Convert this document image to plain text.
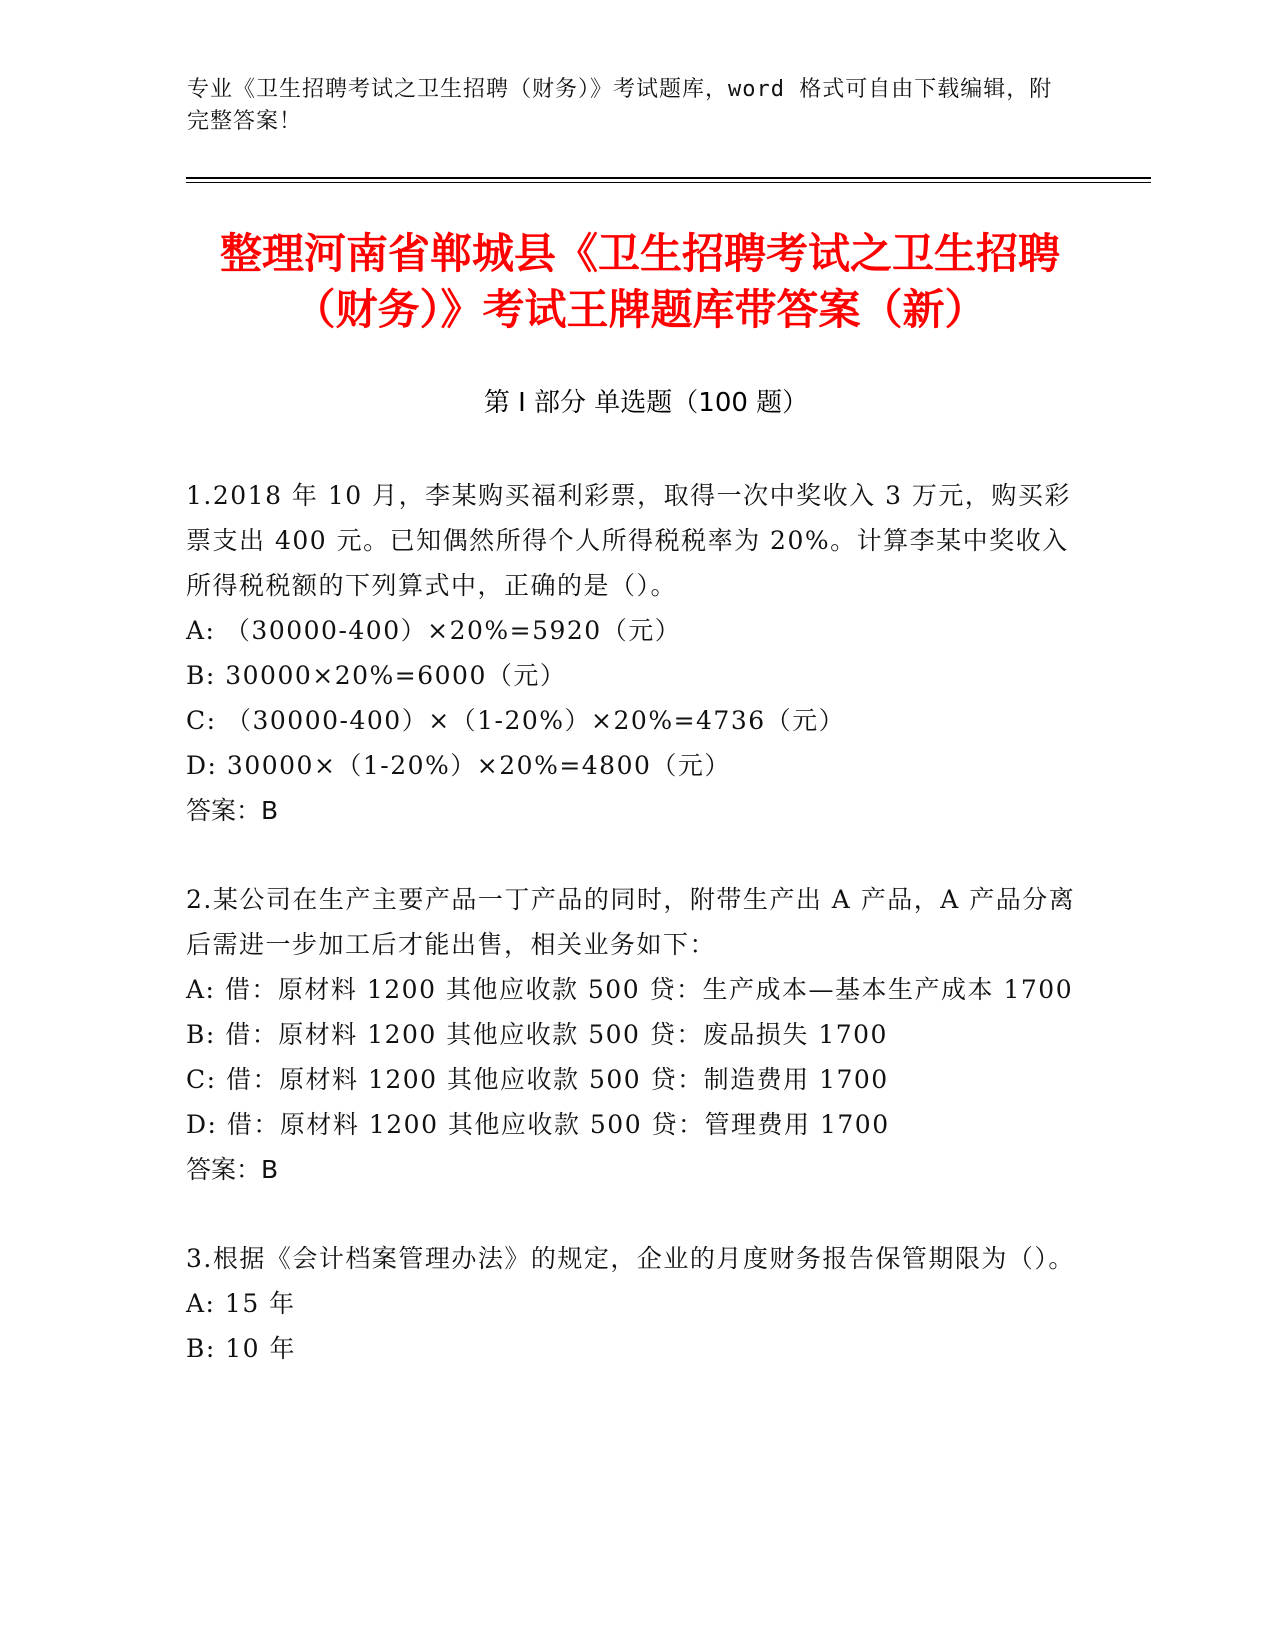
专业《卫生招聘考试之卫生招聘（财务）》考试题库，word 格式可自由下载编辑，附完整答案！
整理河南省郸城县《卫生招聘考试之卫生招聘（财务）》考试王牌题库带答案（新）
第 I 部分 单选题（100 题）
1.2018 年 10 月，李某购买福利彩票，取得一次中奖收入 3 万元，购买彩票支出 400 元。已知偶然所得个人所得税税率为 20%。计算李某中奖收入所得税税额的下列算式中，正确的是（）。
A: （30000-400）×20%=5920（元）
B: 30000×20%=6000（元）
C: （30000-400）×（1-20%）×20%=4736（元）
D: 30000×（1-20%）×20%=4800（元）
答案：B
2.某公司在生产主要产品一丁产品的同时，附带生产出 A 产品，A 产品分离后需进一步加工后才能出售，相关业务如下：
A: 借：原材料 1200 其他应收款 500 贷：生产成本—基本生产成本 1700
B: 借：原材料 1200 其他应收款 500 贷：废品损失 1700
C: 借：原材料 1200 其他应收款 500 贷：制造费用 1700
D: 借：原材料 1200 其他应收款 500 贷：管理费用 1700
答案：B
3.根据《会计档案管理办法》的规定，企业的月度财务报告保管期限为（）。
A: 15 年
B: 10 年
